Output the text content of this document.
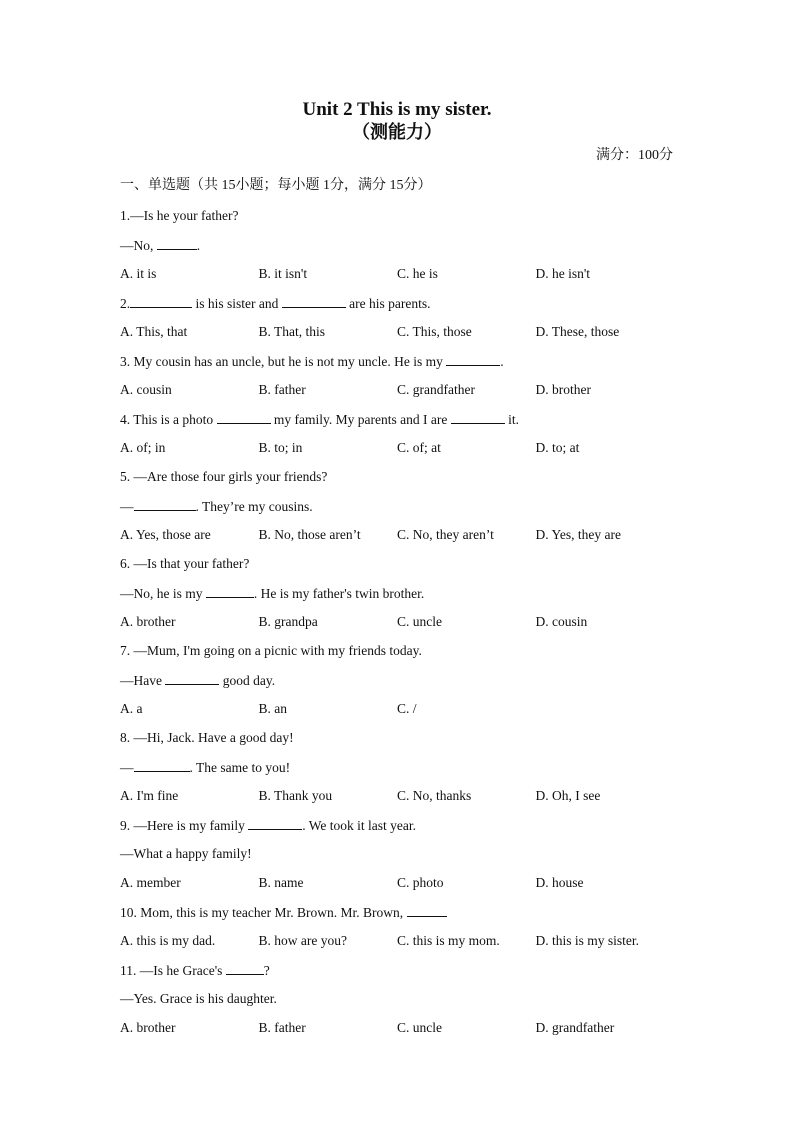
Unit 2 This is my sister.
（测能力）
满分：100分
一、单选题（共 15小题；每小题 1分，满分 15分）
1.—Is he your father?
—No,	.
A. it is	B. it isn't	C. he is	D. he isn't
2.	is his sister and	are his parents.
A. This, that	B. That, this	C. This, those	D. These, those
3. My cousin has an uncle, but he is not my uncle. He is my	.
A. cousin	B. father	C. grandfather	D. brother
4. This is a photo	my family. My parents and I are	it.
A. of; in	B. to; in	C. of; at	D. to; at
5. —Are those four girls your friends?
—	. They’re my cousins.
A. Yes, those are	B. No, those aren’t	C. No, they aren’t	D. Yes, they are
6. —Is that your father?
—No, he is my	. He is my father's twin brother.
A. brother	B. grandpa	C. uncle	D. cousin
7. —Mum, I'm going on a picnic with my friends today.
—Have	good day.
A. a	B. an	C. /
8. —Hi, Jack. Have a good day!
—	. The same to you!
A. I'm fine	B. Thank you	C. No, thanks	D. Oh, I see
9. —Here is my family	. We took it last year.
—What a happy family!
A. member	B. name	C. photo	D. house
10. Mom, this is my teacher Mr. Brown. Mr. Brown,
A. this is my dad.	B. how are you?	C. this is my mom.	D. this is my sister.
11. —Is he Grace's	?
—Yes. Grace is his daughter.
A. brother	B. father	C. uncle	D. grandfather
